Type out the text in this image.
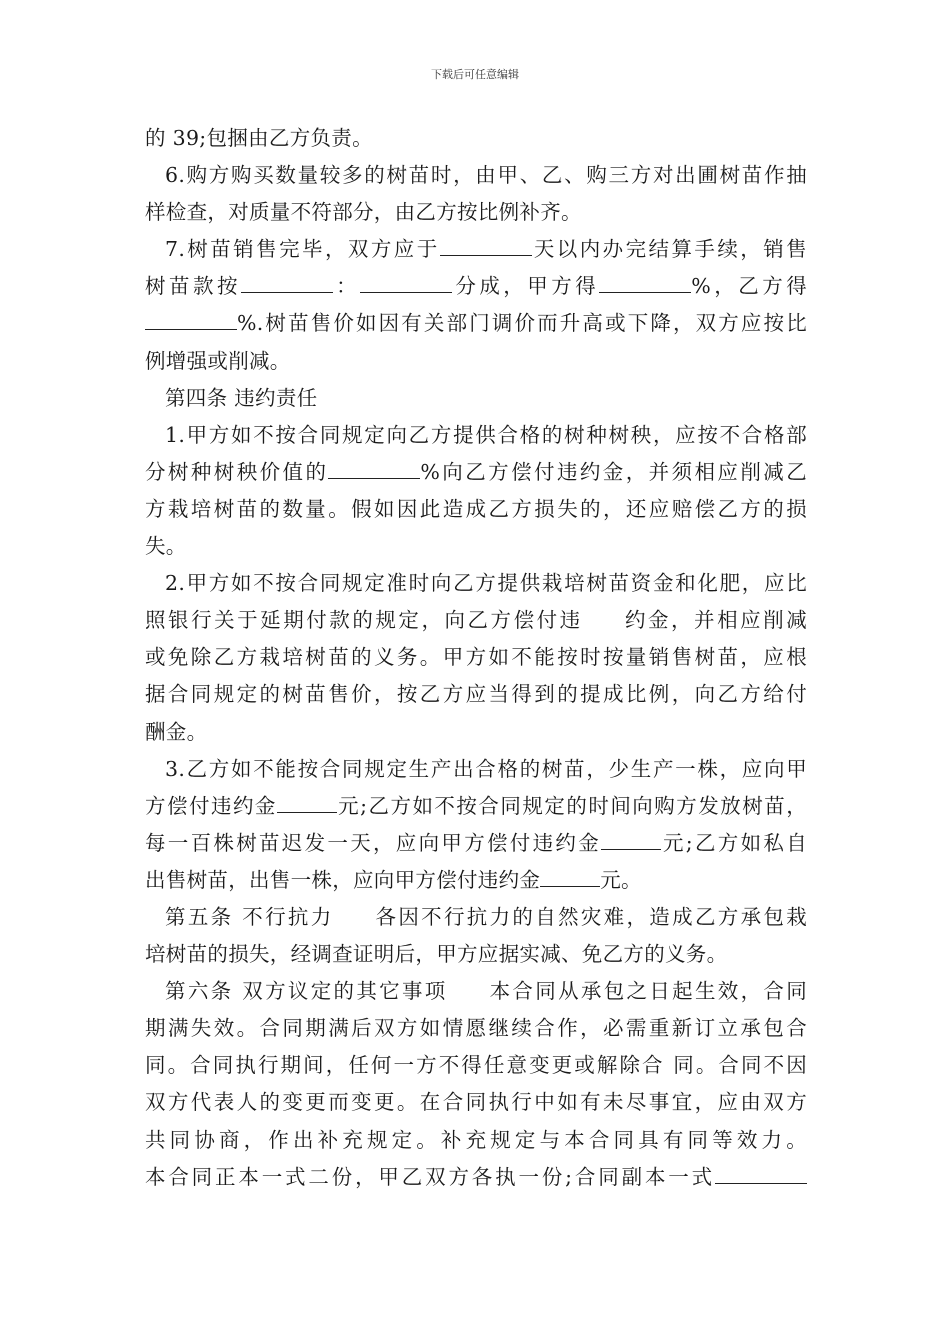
下载后可任意编辑
的 39;包捆由乙方负责。
6.购方购买数量较多的树苗时，由甲、乙、购三方对出圃树苗作抽
样检查，对质量不符部分，由乙方按比例补齐。
7.树苗销售完毕，双方应于	天以内办完结算手续，销售
树苗款按	：	分成，甲方得	%，乙方得
%.树苗售价如因有关部门调价而升高或下降，双方应按比
例增强或削减。
第四条 违约责任
1.甲方如不按合同规定向乙方提供合格的树种树秧，应按不合格部
分树种树秧价值的	%向乙方偿付违约金，并须相应削减乙
方栽培树苗的数量。假如因此造成乙方损失的，还应赔偿乙方的损
失。
2.甲方如不按合同规定准时向乙方提供栽培树苗资金和化肥，应比
照银行关于延期付款的规定，向乙方偿付违 约金，并相应削减
或免除乙方栽培树苗的义务。甲方如不能按时按量销售树苗，应根
据合同规定的树苗售价，按乙方应当得到的提成比例，向乙方给付
酬金。
3.乙方如不能按合同规定生产出合格的树苗，少生产一株，应向甲
方偿付违约金	元;乙方如不按合同规定的时间向购方发放树苗，
每一百株树苗迟发一天，应向甲方偿付违约金	元;乙方如私自
出售树苗，出售一株，应向甲方偿付违约金	元。
第五条 不行抗力 各因不行抗力的自然灾难，造成乙方承包栽
培树苗的损失，经调查证明后，甲方应据实减、免乙方的义务。
第六条 双方议定的其它事项 本合同从承包之日起生效，合同
期满失效。合同期满后双方如情愿继续合作，必需重新订立承包合
同。合同执行期间，任何一方不得任意变更或解除合 同。合同不因
双方代表人的变更而变更。在合同执行中如有未尽事宜，应由双方
共同协商，作出补充规定。补充规定与本合同具有同等效力。
本合同正本一式二份，甲乙双方各执一份;合同副本一式
